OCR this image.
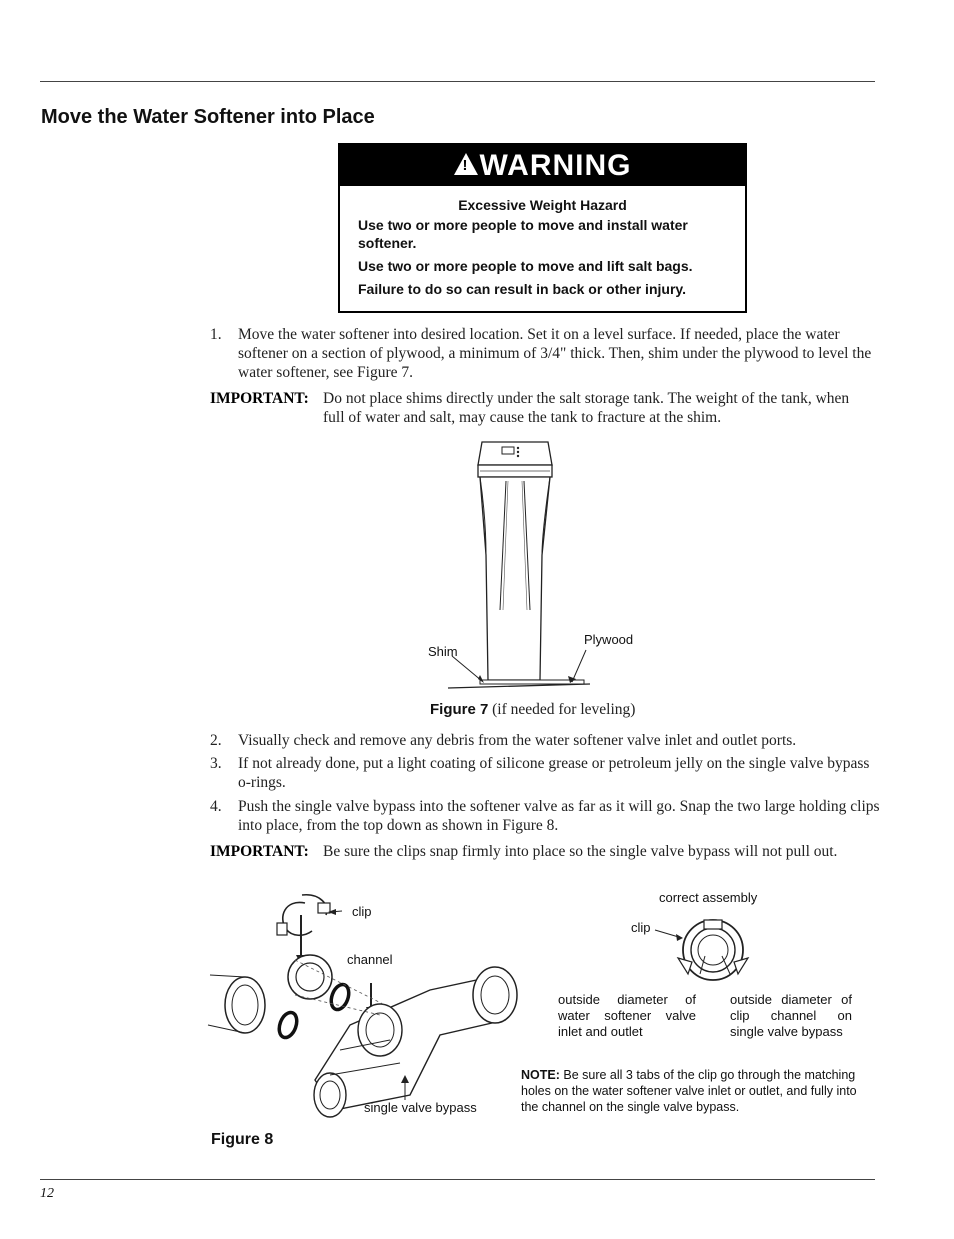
Move the Water Softener into Place
!
WARNING
Excessive Weight Hazard

Use two or more people to move and install water softener.

Use two or more people to move and lift salt bags.

Failure to do so can result in back or other injury.

1. Move the water softener into desired location. Set it on a level surface. If needed, place the water softener on a section of plywood, a minimum of 3/4" thick. Then, shim under the plywood to level the water softener, see Figure 7.
IMPORTANT: Do not place shims directly under the salt storage tank. The weight of the tank, when full of water and salt, may cause the tank to fracture at the shim.
Shim
Plywood
Figure 7 (if needed for leveling)
2. Visually check and remove any debris from the water softener valve inlet and outlet ports.
3. If not already done, put a light coating of silicone grease or petroleum jelly on the single valve bypass o-rings.
4. Push the single valve bypass into the softener valve as far as it will go. Snap the two large holding clips into place, from the top down as shown in Figure 8.
IMPORTANT: Be sure the clips snap firmly into place so the single valve bypass will not pull out.
clip
channel
single valve bypass
correct assembly
clip
outside diameter of water softener valve inlet and outlet
outside diameter of clip channel on single valve bypass
NOTE: Be sure all 3 tabs of the clip go through the matching holes on the water softener valve inlet or outlet, and fully into the channel on the single valve bypass.
Figure 8
12
